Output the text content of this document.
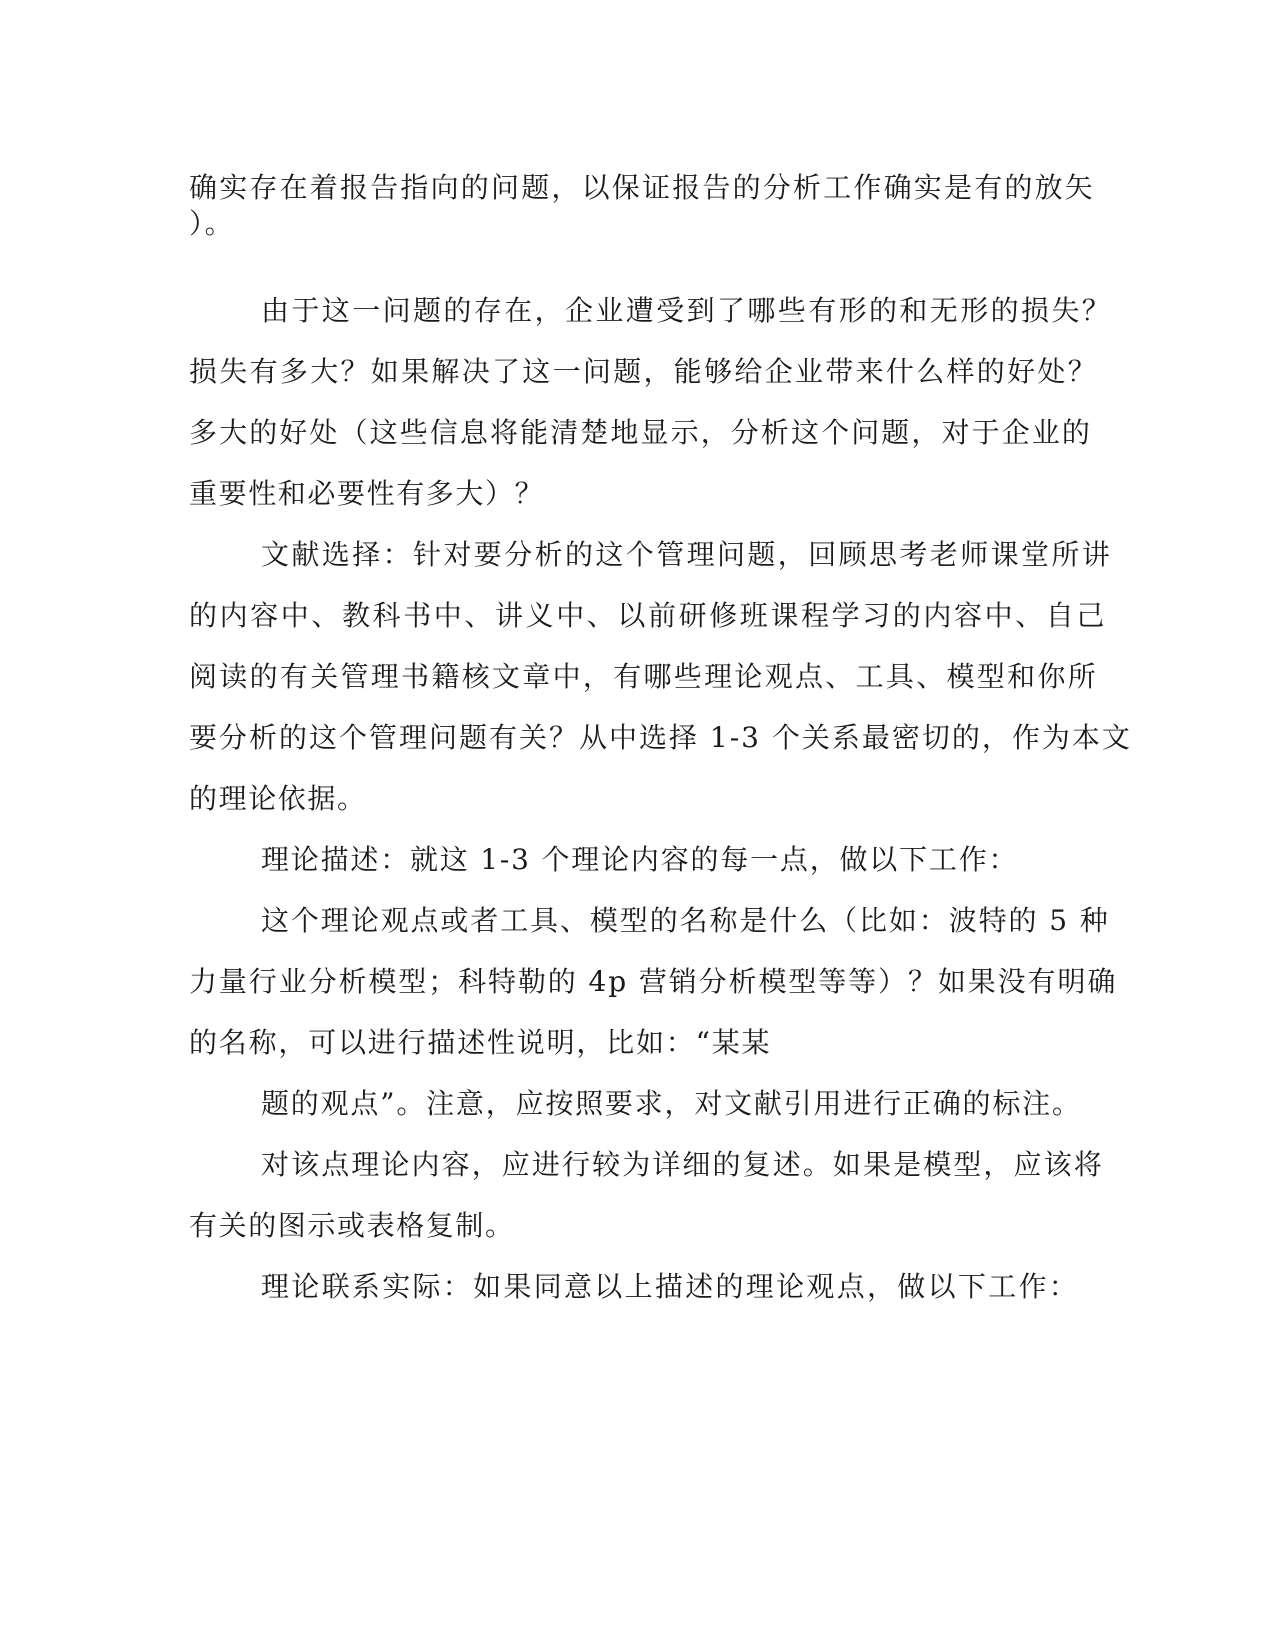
确实存在着报告指向的问题，以保证报告的分析工作确实是有的放矢

）。

由于这一问题的存在，企业遭受到了哪些有形的和无形的损失？

损失有多大？如果解决了这一问题，能够给企业带来什么样的好处？

多大的好处（这些信息将能清楚地显示，分析这个问题，对于企业的

重要性和必要性有多大）？

文献选择：针对要分析的这个管理问题，回顾思考老师课堂所讲

的内容中、教科书中、讲义中、以前研修班课程学习的内容中、自己

阅读的有关管理书籍核文章中，有哪些理论观点、工具、模型和你所

要分析的这个管理问题有关？从中选择 1-3 个关系最密切的，作为本文

的理论依据。

理论描述：就这 1-3 个理论内容的每一点，做以下工作：

这个理论观点或者工具、模型的名称是什么（比如：波特的 5 种

力量行业分析模型；科特勒的 4p 营销分析模型等等）？如果没有明确

的名称，可以进行描述性说明，比如：“某某

题的观点”。注意，应按照要求，对文献引用进行正确的标注。

对该点理论内容，应进行较为详细的复述。如果是模型，应该将

有关的图示或表格复制。

理论联系实际：如果同意以上描述的理论观点，做以下工作：
